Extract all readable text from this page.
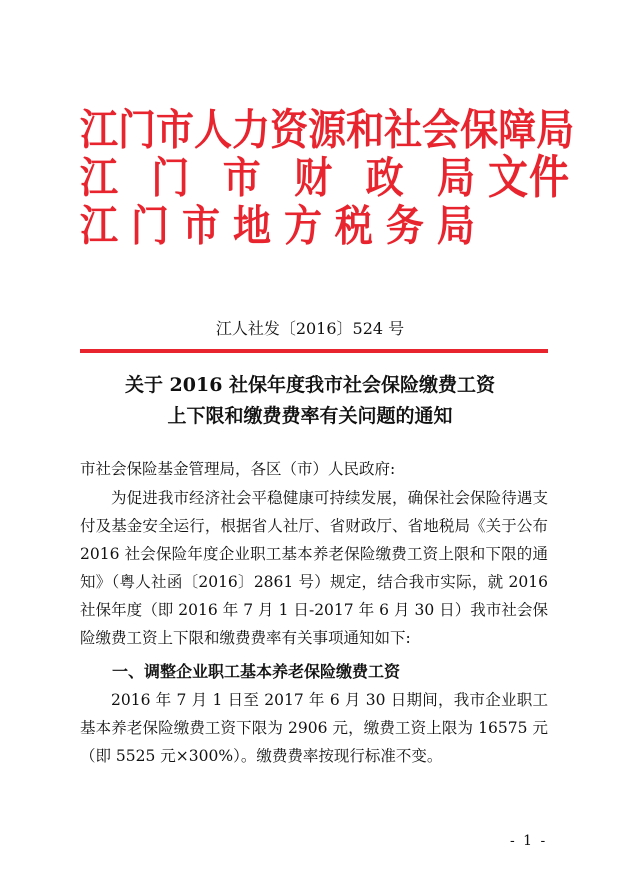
江 门 市 人 力 资 源 和 社 会 保 障 局
江 门 市 财 政 局
江 门 市 地 方 税 务 局
文件
江人社发〔2016〕524 号
关于 2016 社保年度我市社会保险缴费工资
上下限和缴费费率有关问题的通知
市社会保险基金管理局，各区（市）人民政府:

为促进我市经济社会平稳健康可持续发展，确保社会保险待遇支付及基金安全运行，根据省人社厅、省财政厅、省地税局《关于公布 2016 社会保险年度企业职工基本养老保险缴费工资上限和下限的通知》（粤人社函〔2016〕2861 号）规定，结合我市实际，就 2016 社保年度（即 2016 年 7 月 1 日-2017 年 6 月 30 日）我市社会保险缴费工资上下限和缴费费率有关事项通知如下:

一、调整企业职工基本养老保险缴费工资

2016 年 7 月 1 日至 2017 年 6 月 30 日期间，我市企业职工基本养老保险缴费工资下限为 2906 元，缴费工资上限为 16575 元（即 5525 元×300%）。缴费费率按现行标准不变。

- 1 -
